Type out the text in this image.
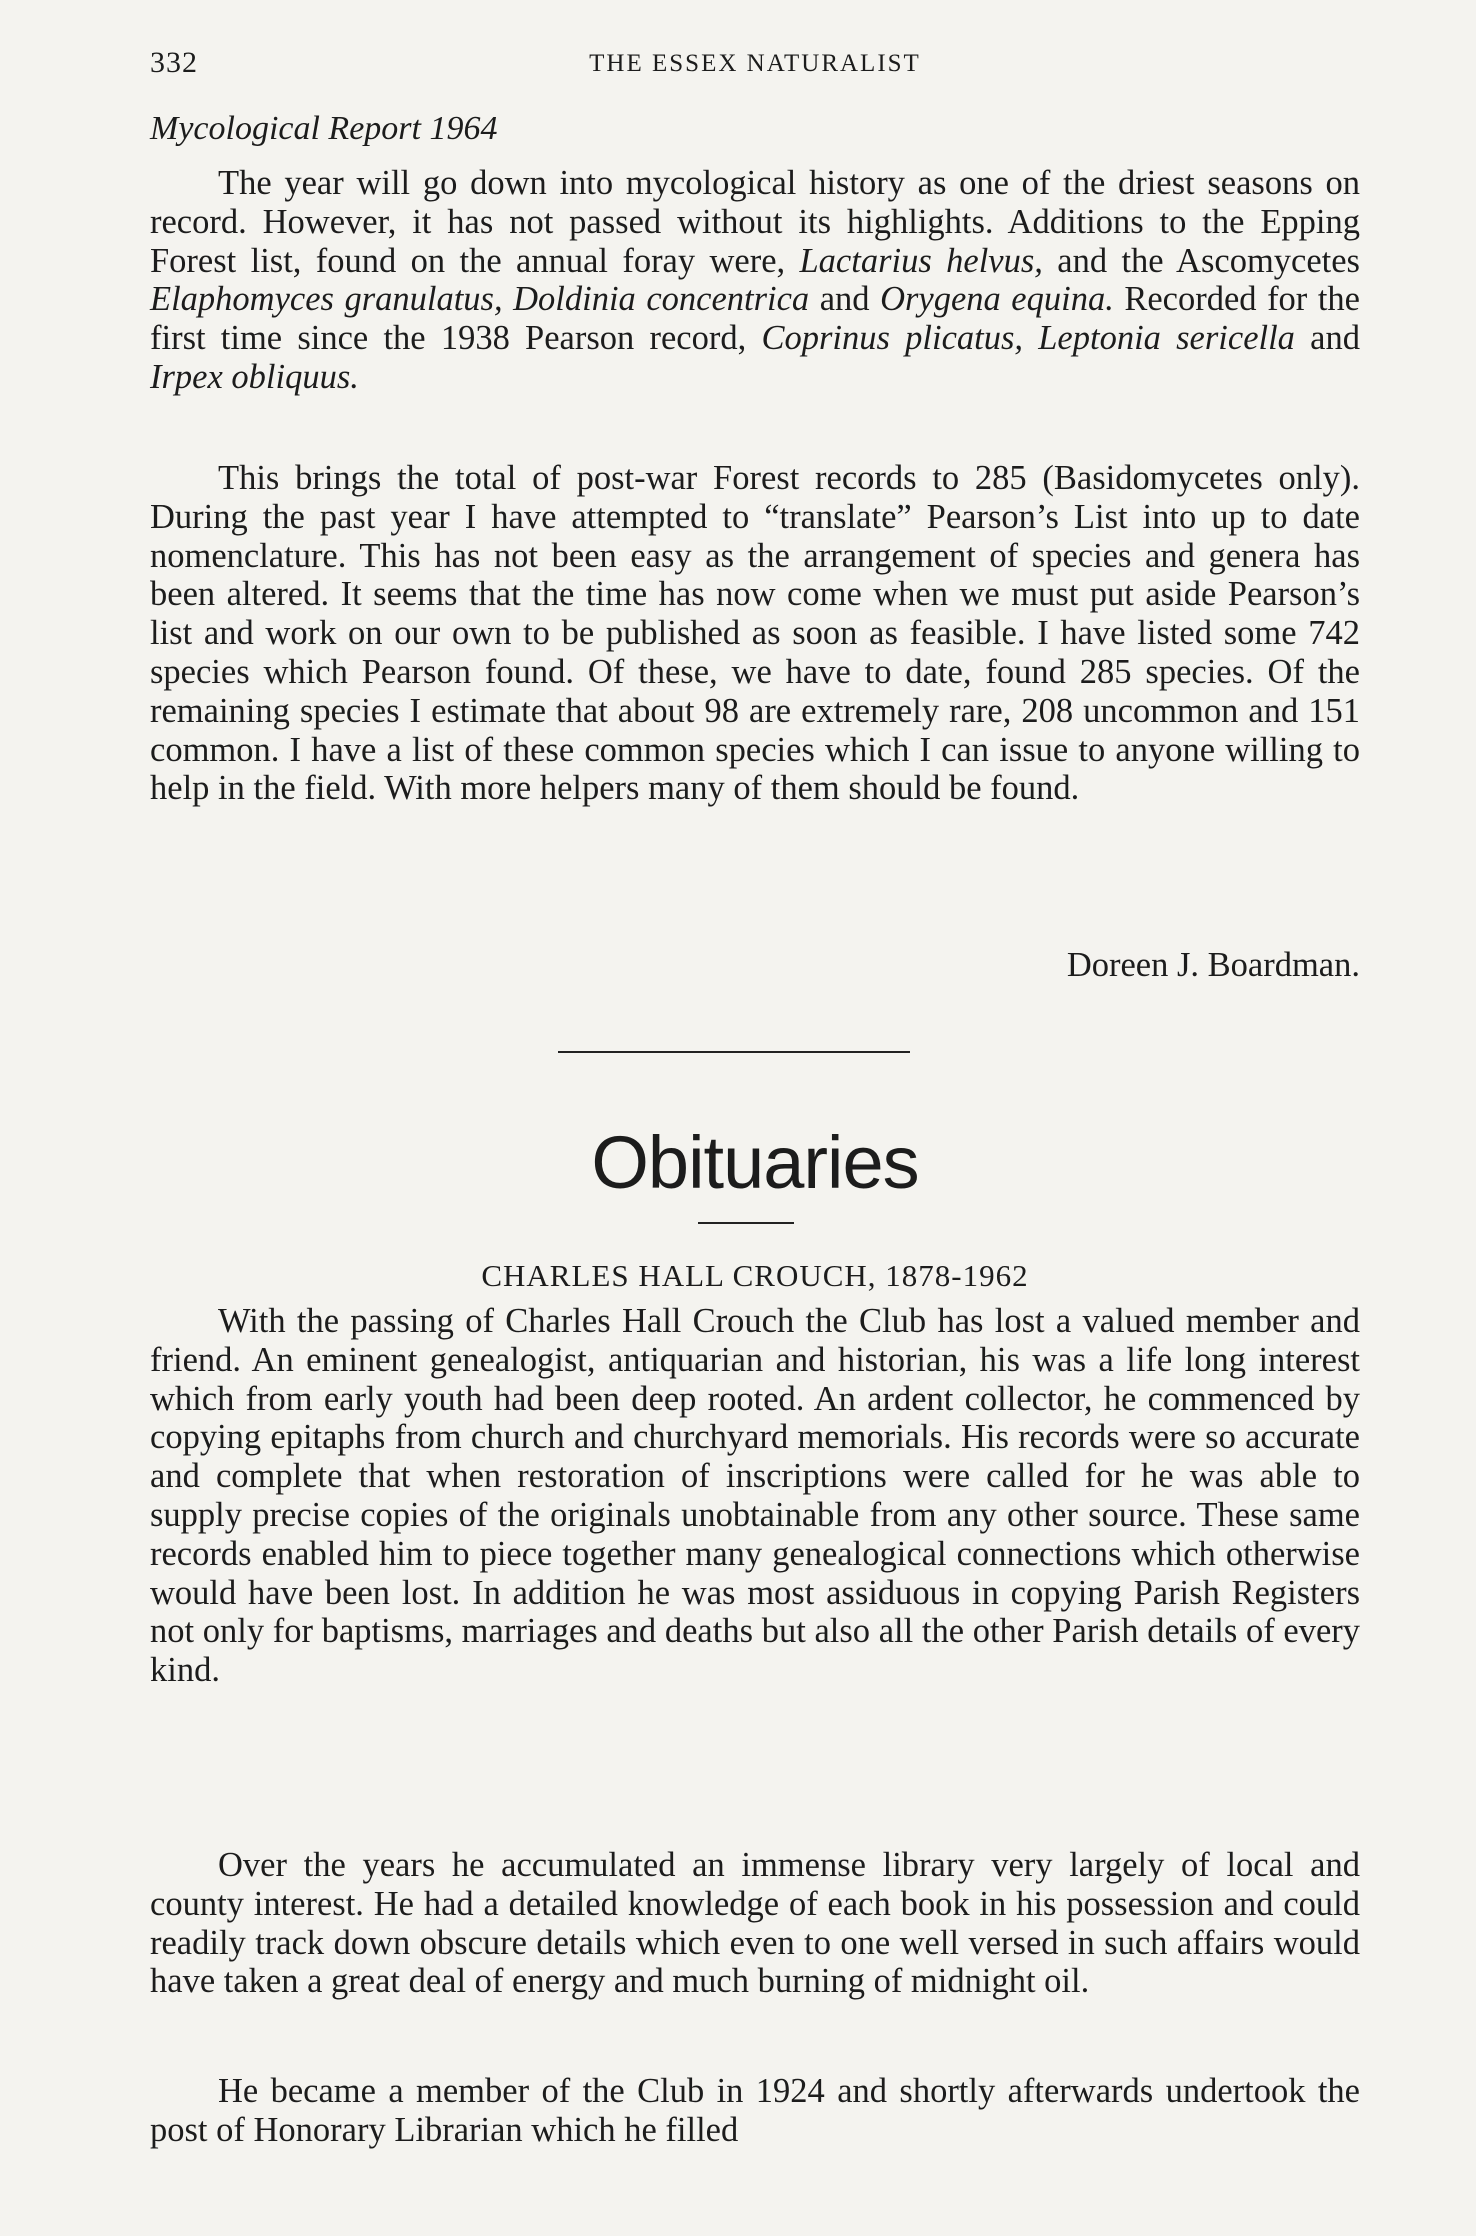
332	THE ESSEX NATURALIST
Mycological Report 1964

The year will go down into mycological history as one of the driest seasons on record. However, it has not passed without its highlights. Additions to the Epping Forest list, found on the annual foray were, Lactarius helvus, and the Ascomycetes Elaphomyces granulatus, Doldinia concentrica and Orygena equina. Recorded for the first time since the 1938 Pearson record, Coprinus plicatus, Leptonia sericella and Irpex obliquus.

This brings the total of post-war Forest records to 285 (Basidomycetes only). During the past year I have attempted to “translate” Pearson’s List into up to date nomenclature. This has not been easy as the arrangement of species and genera has been altered. It seems that the time has now come when we must put aside Pearson’s list and work on our own to be published as soon as feasible. I have listed some 742 species which Pearson found. Of these, we have to date, found 285 species. Of the remaining species I estimate that about 98 are extremely rare, 208 uncommon and 151 common. I have a list of these common species which I can issue to anyone willing to help in the field. With more helpers many of them should be found.

Doreen J. Boardman.
Obituaries
CHARLES HALL CROUCH, 1878-1962

With the passing of Charles Hall Crouch the Club has lost a valued member and friend. An eminent genealogist, antiquarian and historian, his was a life long interest which from early youth had been deep rooted. An ardent collector, he commenced by copying epitaphs from church and churchyard memorials. His records were so accurate and complete that when restoration of inscriptions were called for he was able to supply precise copies of the originals unobtainable from any other source. These same records enabled him to piece together many genealogical connections which otherwise would have been lost. In addition he was most assiduous in copying Parish Registers not only for baptisms, marriages and deaths but also all the other Parish details of every kind.

Over the years he accumulated an immense library very largely of local and county interest. He had a detailed knowledge of each book in his possession and could readily track down obscure details which even to one well versed in such affairs would have taken a great deal of energy and much burning of midnight oil.

He became a member of the Club in 1924 and shortly afterwards undertook the post of Honorary Librarian which he filled
